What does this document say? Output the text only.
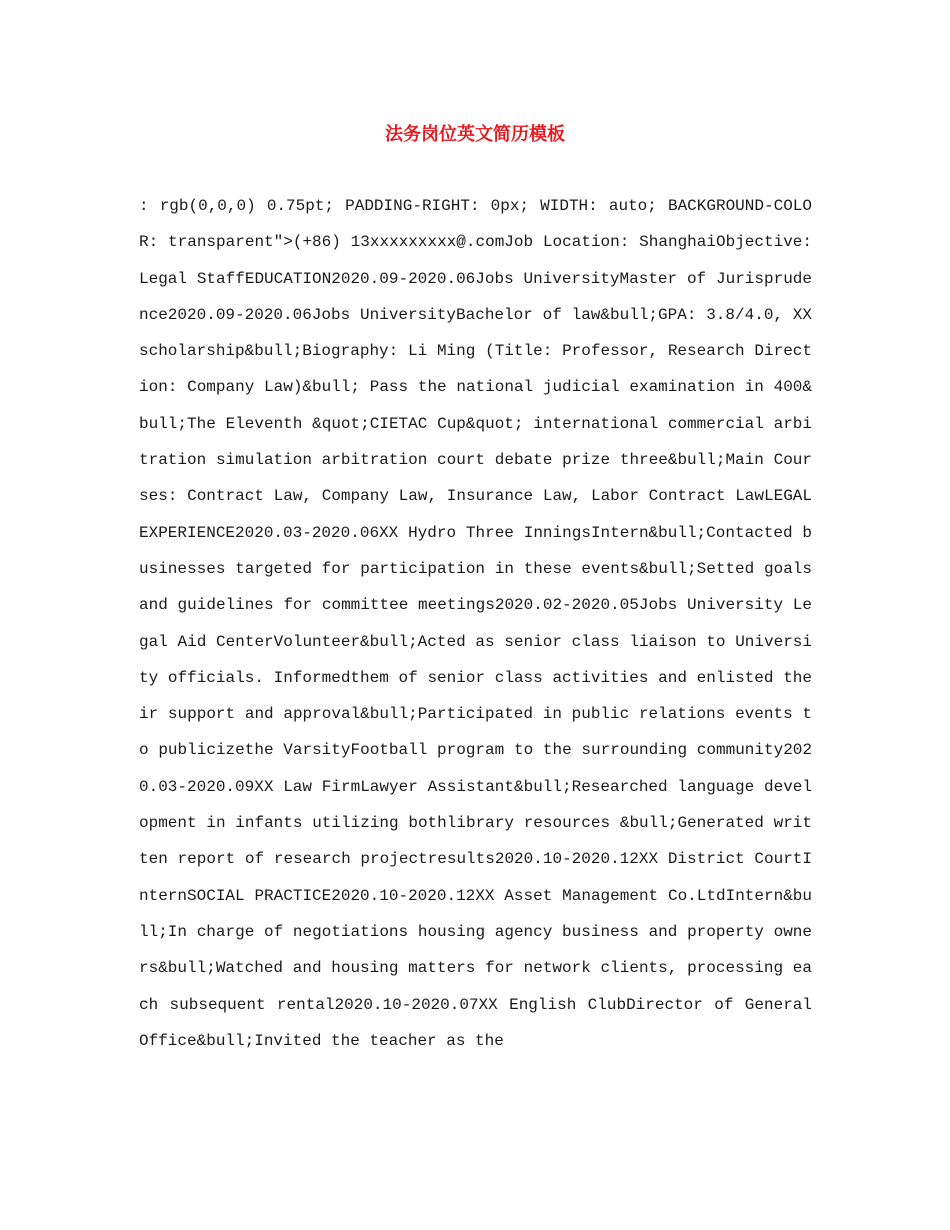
法务岗位英文简历模板

: rgb(0,0,0) 0.75pt; PADDING-RIGHT: 0px; WIDTH: auto; BACKGROUND-COLOR: transparent">(+86) 13xxxxxxxxx@.comJob Location: ShanghaiObjective: Legal StaffEDUCATION2020.09-2020.06Jobs UniversityMaster of Jurisprudence2020.09-2020.06Jobs UniversityBachelor of law&bull;GPA: 3.8/4.0, XX scholarship&bull;Biography: Li Ming (Title: Professor, Research Direction: Company Law)&bull; Pass the national judicial examination in 400&bull;The Eleventh &quot;CIETAC Cup&quot; international commercial arbitration simulation arbitration court debate prize three&bull;Main Courses: Contract Law, Company Law, Insurance Law, Labor Contract LawLEGAL EXPERIENCE2020.03-2020.06XX Hydro Three InningsIntern&bull;Contacted businesses targeted for participation in these events&bull;Setted goals and guidelines for committee meetings2020.02-2020.05Jobs University Legal Aid CenterVolunteer&bull;Acted as senior class liaison to University officials. Informedthem of senior class activities and enlisted their support and approval&bull;Participated in public relations events to publicizethe VarsityFootball program to the surrounding community2020.03-2020.09XX Law FirmLawyer Assistant&bull;Researched language development in infants utilizing bothlibrary resources &bull;Generated written report of research projectresults2020.10-2020.12XX District CourtInternSOCIAL PRACTICE2020.10-2020.12XX Asset Management Co.LtdIntern&bull;In charge of negotiations housing agency business and property owners&bull;Watched and housing matters for network clients, processing each subsequent rental2020.10-2020.07XX English ClubDirector of General Office&bull;Invited the teacher as the
